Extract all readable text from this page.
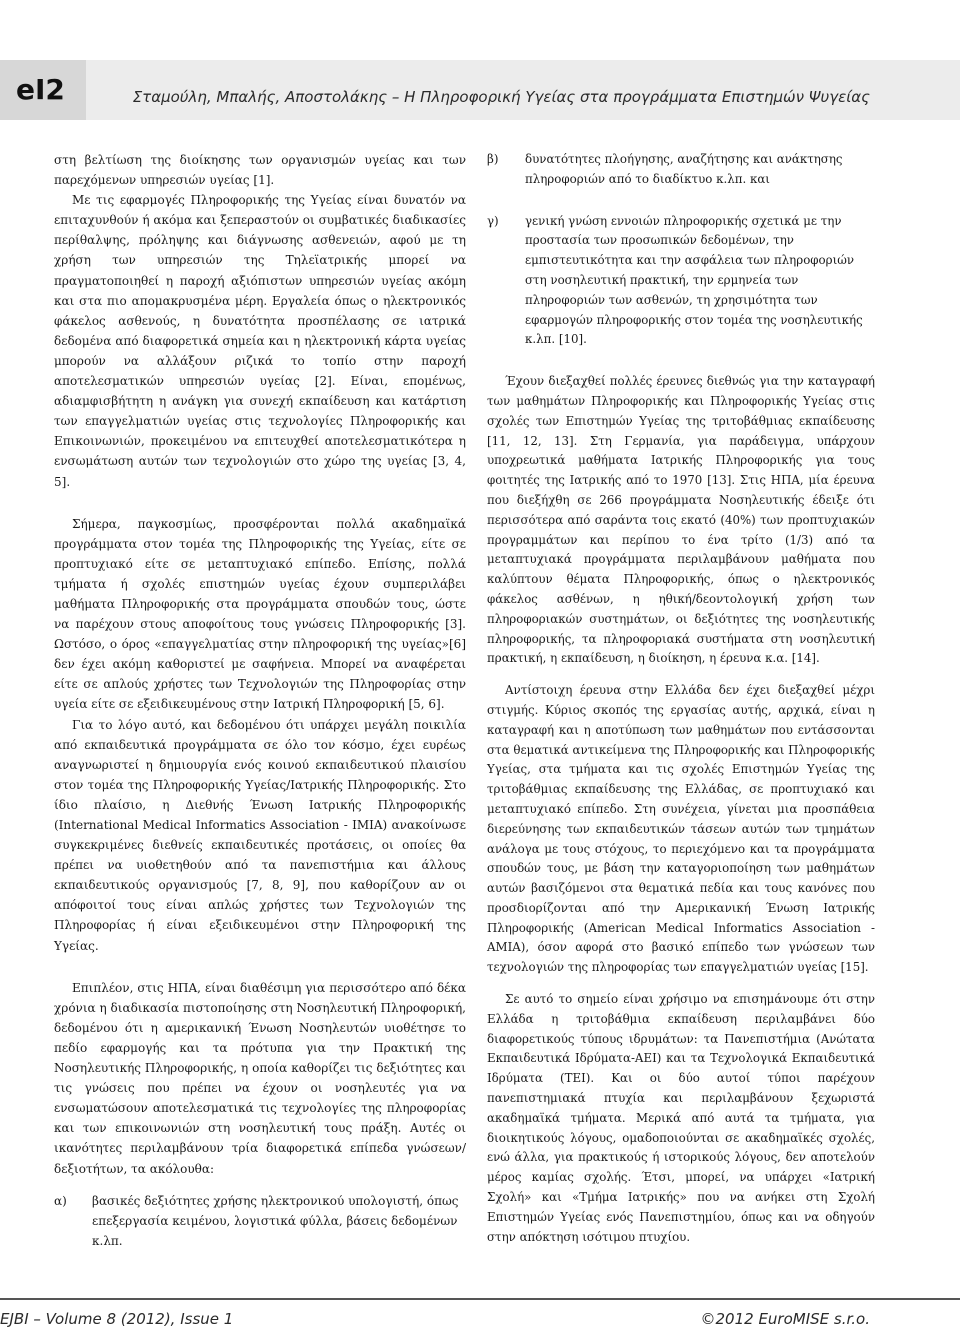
eI2	Σταμούλη, Μπαλής, Αποστολάκης – Η Πληροφορική Υγείας στα προγράμματα Επιστημών Ψυγείας

στη βελτίωση της διοίκησης των οργανισμών υγείας και των παρεχόμενων υπηρεσιών υγείας [1].

Με τις εφαρμογές Πληροφορικής της Υγείας είναι δυνατόν να επιταχυνθούν ή ακόμα και ξεπεραστούν οι συμβατικές διαδικασίες περίθαλψης, πρόληψης και διάγνωσης ασθενειών, αφού με τη χρήση των υπηρεσιών της Τηλεϊατρικής μπορεί να πραγματοποιηθεί η παροχή αξιόπιστων υπηρεσιών υγείας ακόμη και στα πιο απομακρυσμένα μέρη. Εργαλεία όπως ο ηλεκτρονικός φάκελος ασθενούς, η δυνατότητα προσπέλασης σε ιατρικά δεδομένα από διαφορετικά σημεία και η ηλεκτρονική κάρτα υγείας μπορούν να αλλάξουν ριζικά το τοπίο στην παροχή αποτελεσματικών υπηρεσιών υγείας [2]. Είναι, επομένως, αδιαμφισβήτητη η ανάγκη για συνεχή εκπαίδευση και κατάρτιση των επαγγελματιών υγείας στις τεχνολογίες Πληροφορικής και Επικοινωνιών, προκειμένου να επιτευχθεί αποτελεσματικότερα η ενσωμάτωση αυτών των τεχνολογιών στο χώρο της υγείας [3, 4, 5].

Σήμερα, παγκοσμίως, προσφέρονται πολλά ακαδημαϊκά προγράμματα στον τομέα της Πληροφορικής της Υγείας, είτε σε προπτυχιακό είτε σε μεταπτυχιακό επίπεδο. Επίσης, πολλά τμήματα ή σχολές επιστημών υγείας έχουν συμπεριλάβει μαθήματα Πληροφορικής στα προγράμματα σπουδών τους, ώστε να παρέχουν στους αποφοίτους τους γνώσεις Πληροφορικής [3]. Ωστόσο, ο όρος «επαγγελματίας στην πληροφορική της υγείας»[6] δεν έχει ακόμη καθοριστεί με σαφήνεια. Μπορεί να αναφέρεται είτε σε απλούς χρήστες των Τεχνολογιών της Πληροφορίας στην υγεία είτε σε εξειδικευμένους στην Ιατρική Πληροφορική [5, 6].

Για το λόγο αυτό, και δεδομένου ότι υπάρχει μεγάλη ποικιλία από εκπαιδευτικά προγράμματα σε όλο τον κόσμο, έχει ευρέως αναγνωριστεί η δημιουργία ενός κοινού εκπαιδευτικού πλαισίου στον τομέα της Πληροφορικής Υγείας/Ιατρικής Πληροφορικής. Στο ίδιο πλαίσιο, η Διεθνής Ένωση Ιατρικής Πληροφορικής (International Medical Informatics Association - IMIA) ανακοίνωσε συγκεκριμένες διεθνείς εκπαιδευτικές προτάσεις, οι οποίες θα πρέπει να υιοθετηθούν από τα πανεπιστήμια και άλλους εκπαιδευτικούς οργανισμούς [7, 8, 9], που καθορίζουν αν οι απόφοιτοί τους είναι απλώς χρήστες των Τεχνολογιών της Πληροφορίας ή είναι εξειδικευμένοι στην Πληροφορική της Υγείας.

Επιπλέον, στις ΗΠΑ, είναι διαθέσιμη για περισσότερο από δέκα χρόνια η διαδικασία πιστοποίησης στη Νοσηλευτική Πληροφορική, δεδομένου ότι η αμερικανική Ένωση Νοσηλευτών υιοθέτησε το πεδίο εφαρμογής και τα πρότυπα για την Πρακτική της Νοσηλευτικής Πληροφορικής, η οποία καθορίζει τις δεξιότητες και τις γνώσεις που πρέπει να έχουν οι νοσηλευτές για να ενσωματώσουν αποτελεσματικά τις τεχνολογίες της πληροφορίας και των επικοινωνιών στη νοσηλευτική τους πράξη. Αυτές οι ικανότητες περιλαμβάνουν τρία διαφορετικά επίπεδα γνώσεων/δεξιοτήτων, τα ακόλουθα:

α) βασικές δεξιότητες χρήσης ηλεκτρονικού υπολογιστή, όπως επεξεργασία κειμένου, λογιστικά φύλλα, βάσεις δεδομένων κ.λπ.
β) δυνατότητες πλοήγησης, αναζήτησης και ανάκτησης πληροφοριών από το διαδίκτυο κ.λπ. και
γ) γενική γνώση εννοιών πληροφορικής σχετικά με την προστασία των προσωπικών δεδομένων, την εμπιστευτικότητα και την ασφάλεια των πληροφοριών στη νοσηλευτική πρακτική, την ερμηνεία των πληροφοριών των ασθενών, τη χρησιμότητα των εφαρμογών πληροφορικής στον τομέα της νοσηλευτικής κ.λπ. [10].

Έχουν διεξαχθεί πολλές έρευνες διεθνώς για την καταγραφή των μαθημάτων Πληροφορικής και Πληροφορικής Υγείας στις σχολές των Επιστημών Υγείας της τριτοβάθμιας εκπαίδευσης [11, 12, 13]. Στη Γερμανία, για παράδειγμα, υπάρχουν υποχρεωτικά μαθήματα Ιατρικής Πληροφορικής για τους φοιτητές της Ιατρικής από το 1970 [13]. Στις ΗΠΑ, μία έρευνα που διεξήχθη σε 266 προγράμματα Νοσηλευτικής έδειξε ότι περισσότερα από σαράντα τοις εκατό (40%) των προπτυχιακών προγραμμάτων και περίπου το ένα τρίτο (1/3) από τα μεταπτυχιακά προγράμματα περιλαμβάνουν μαθήματα που καλύπτουν θέματα Πληροφορικής, όπως ο ηλεκτρονικός φάκελος ασθένων, η ηθική/δεοντολογική χρήση των πληροφοριακών συστημάτων, οι δεξιότητες της νοσηλευτικής πληροφορικής, τα πληροφοριακά συστήματα στη νοσηλευτική πρακτική, η εκπαίδευση, η διοίκηση, η έρευνα κ.α. [14].

Αντίστοιχη έρευνα στην Ελλάδα δεν έχει διεξαχθεί μέχρι στιγμής. Κύριος σκοπός της εργασίας αυτής, αρχικά, είναι η καταγραφή και η αποτύπωση των μαθημάτων που εντάσσονται στα θεματικά αντικείμενα της Πληροφορικής και Πληροφορικής Υγείας, στα τμήματα και τις σχολές Επιστημών Υγείας της τριτοβάθμιας εκπαίδευσης της Ελλάδας, σε προπτυχιακό και μεταπτυχιακό επίπεδο. Στη συνέχεια, γίνεται μια προσπάθεια διερεύνησης των εκπαιδευτικών τάσεων αυτών των τμημάτων ανάλογα με τους στόχους, το περιεχόμενο και τα προγράμματα σπουδών τους, με βάση την καταγοριοποίηση των μαθημάτων αυτών βασιζόμενοι στα θεματικά πεδία και τους κανόνες που προσδιορίζονται από την Αμερικανική Ένωση Ιατρικής Πληροφορικής (American Medical Informatics Association - AMIA), όσον αφορά στο βασικό επίπεδο των γνώσεων των τεχνολογιών της πληροφορίας των επαγγελματιών υγείας [15].

Σε αυτό το σημείο είναι χρήσιμο να επισημάνουμε ότι στην Ελλάδα η τριτοβάθμια εκπαίδευση περιλαμβάνει δύο διαφορετικούς τύπους ιδρυμάτων: τα Πανεπιστήμια (Ανώτατα Εκπαιδευτικά Ιδρύματα-ΑΕΙ) και τα Τεχνολογικά Εκπαιδευτικά Ιδρύματα (ΤΕΙ). Και οι δύο αυτοί τύποι παρέχουν πανεπιστημιακά πτυχία και περιλαμβάνουν ξεχωριστά ακαδημαϊκά τμήματα. Μερικά από αυτά τα τμήματα, για διοικητικούς λόγους, ομαδοποιούνται σε ακαδημαϊκές σχολές, ενώ άλλα, για πρακτικούς ή ιστορικούς λόγους, δεν αποτελούν μέρος καμίας σχολής. Έτσι, μπορεί, να υπάρχει «Ιατρική Σχολή» και «Τμήμα Ιατρικής» που να ανήκει στη Σχολή Επιστημών Υγείας ενός Πανεπιστημίου, όπως και να οδηγούν στην απόκτηση ισότιμου πτυχίου.

EJBI – Volume 8 (2012), Issue 1	©2012 EuroMISE s.r.o.
